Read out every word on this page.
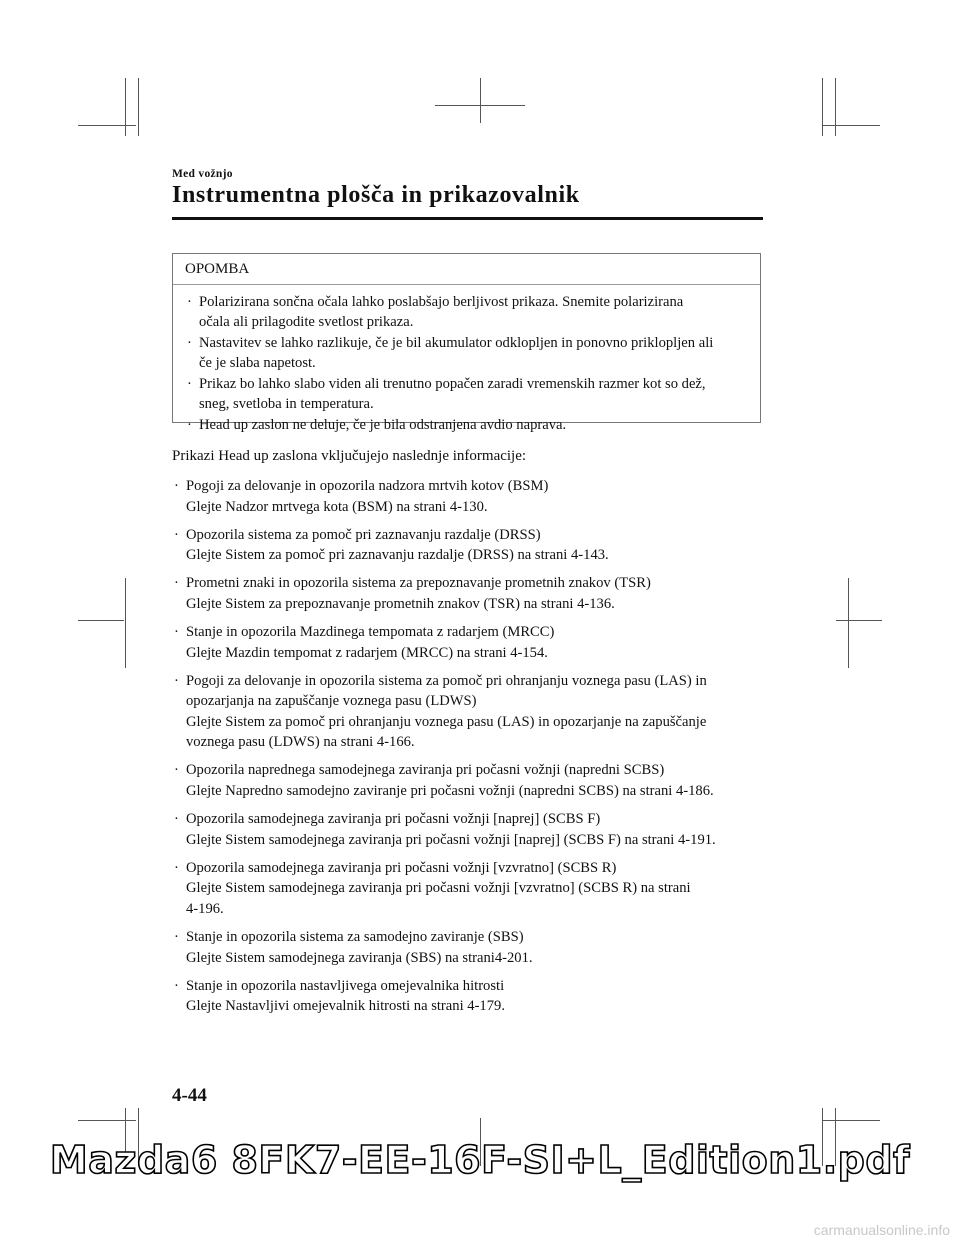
Med vožnjo
Instrumentna plošča in prikazovalnik
OPOMBA
· Polarizirana sončna očala lahko poslabšajo berljivost prikaza. Snemite polarizirana
očala ali prilagodite svetlost prikaza.
· Nastavitev se lahko razlikuje, če je bil akumulator odklopljen in ponovno priklopljen ali
če je slaba napetost.
· Prikaz bo lahko slabo viden ali trenutno popačen zaradi vremenskih razmer kot so dež,
sneg, svetloba in temperatura.
· Head up zaslon ne deluje, če je bila odstranjena avdio naprava.
Prikazi Head up zaslona vključujejo naslednje informacije:
· Pogoji za delovanje in opozorila nadzora mrtvih kotov (BSM)
Glejte Nadzor mrtvega kota (BSM) na strani 4-130.
· Opozorila sistema za pomoč pri zaznavanju razdalje (DRSS)
Glejte Sistem za pomoč pri zaznavanju razdalje (DRSS) na strani 4-143.
· Prometni znaki in opozorila sistema za prepoznavanje prometnih znakov (TSR)
Glejte Sistem za prepoznavanje prometnih znakov (TSR) na strani 4-136.
· Stanje in opozorila Mazdinega tempomata z radarjem (MRCC)
Glejte Mazdin tempomat z radarjem (MRCC) na strani 4-154.
· Pogoji za delovanje in opozorila sistema za pomoč pri ohranjanju voznega pasu (LAS) in
opozarjanja na zapuščanje voznega pasu (LDWS)
Glejte Sistem za pomoč pri ohranjanju voznega pasu (LAS) in opozarjanje na zapuščanje
voznega pasu (LDWS) na strani 4-166.
· Opozorila naprednega samodejnega zaviranja pri počasni vožnji (napredni SCBS)
Glejte Napredno samodejno zaviranje pri počasni vožnji (napredni SCBS) na strani 4-186.
· Opozorila samodejnega zaviranja pri počasni vožnji [naprej] (SCBS F)
Glejte Sistem samodejnega zaviranja pri počasni vožnji [naprej] (SCBS F) na strani 4-191.
· Opozorila samodejnega zaviranja pri počasni vožnji [vzvratno] (SCBS R)
Glejte Sistem samodejnega zaviranja pri počasni vožnji [vzvratno] (SCBS R) na strani
4-196.
· Stanje in opozorila sistema za samodejno zaviranje (SBS)
Glejte Sistem samodejnega zaviranja (SBS) na strani4-201.
· Stanje in opozorila nastavljivega omejevalnika hitrosti
Glejte Nastavljivi omejevalnik hitrosti na strani 4-179.
4-44
Mazda6 8FK7-EE-16F-SI+L_Edition1.pdf
carmanualsonline.info
